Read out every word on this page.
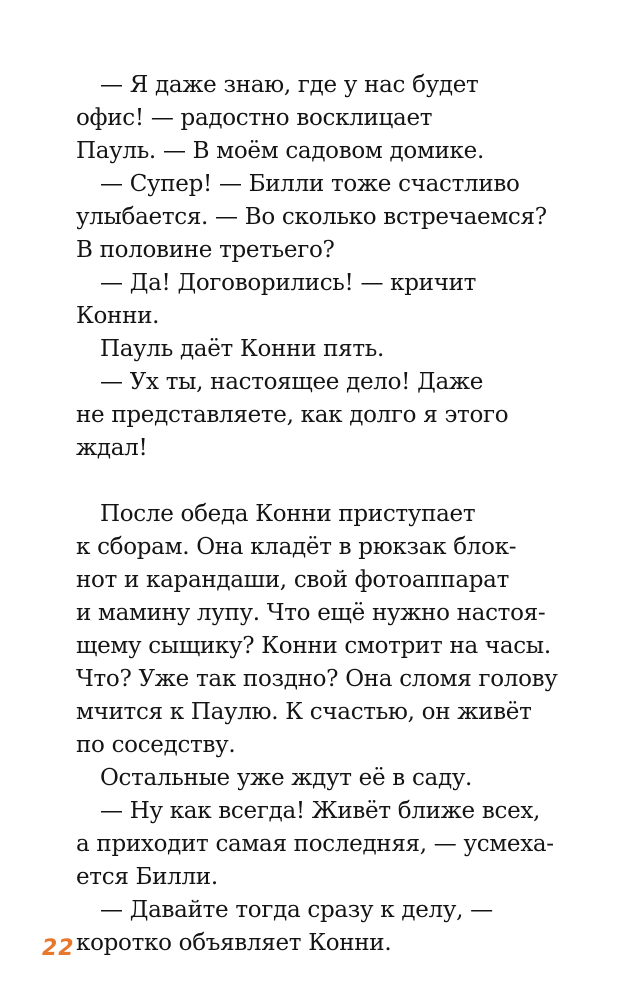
— Я даже знаю, где у нас будет
офис! — радостно восклицает
Пауль. — В моём садовом домике.
— Супер! — Билли тоже счастливо
улыбается. — Во сколько встречаемся?
В половине третьего?
— Да! Договорились! — кричит
Конни.
Пауль даёт Конни пять.
— Ух ты, настоящее дело! Даже
не представляете, как долго я этого
ждал!
После обеда Конни приступает
к сборам. Она кладёт в рюкзак блок-
нот и карандаши, свой фотоаппарат
и мамину лупу. Что ещё нужно настоя-
щему сыщику? Конни смотрит на часы.
Что? Уже так поздно? Она сломя голову
мчится к Паулю. К счастью, он живёт
по соседству.
Остальные уже ждут её в саду.
— Ну как всегда! Живёт ближе всех,
а приходит самая последняя, — усмеха-
ется Билли.
— Давайте тогда сразу к делу, —
коротко объявляет Конни.
22
